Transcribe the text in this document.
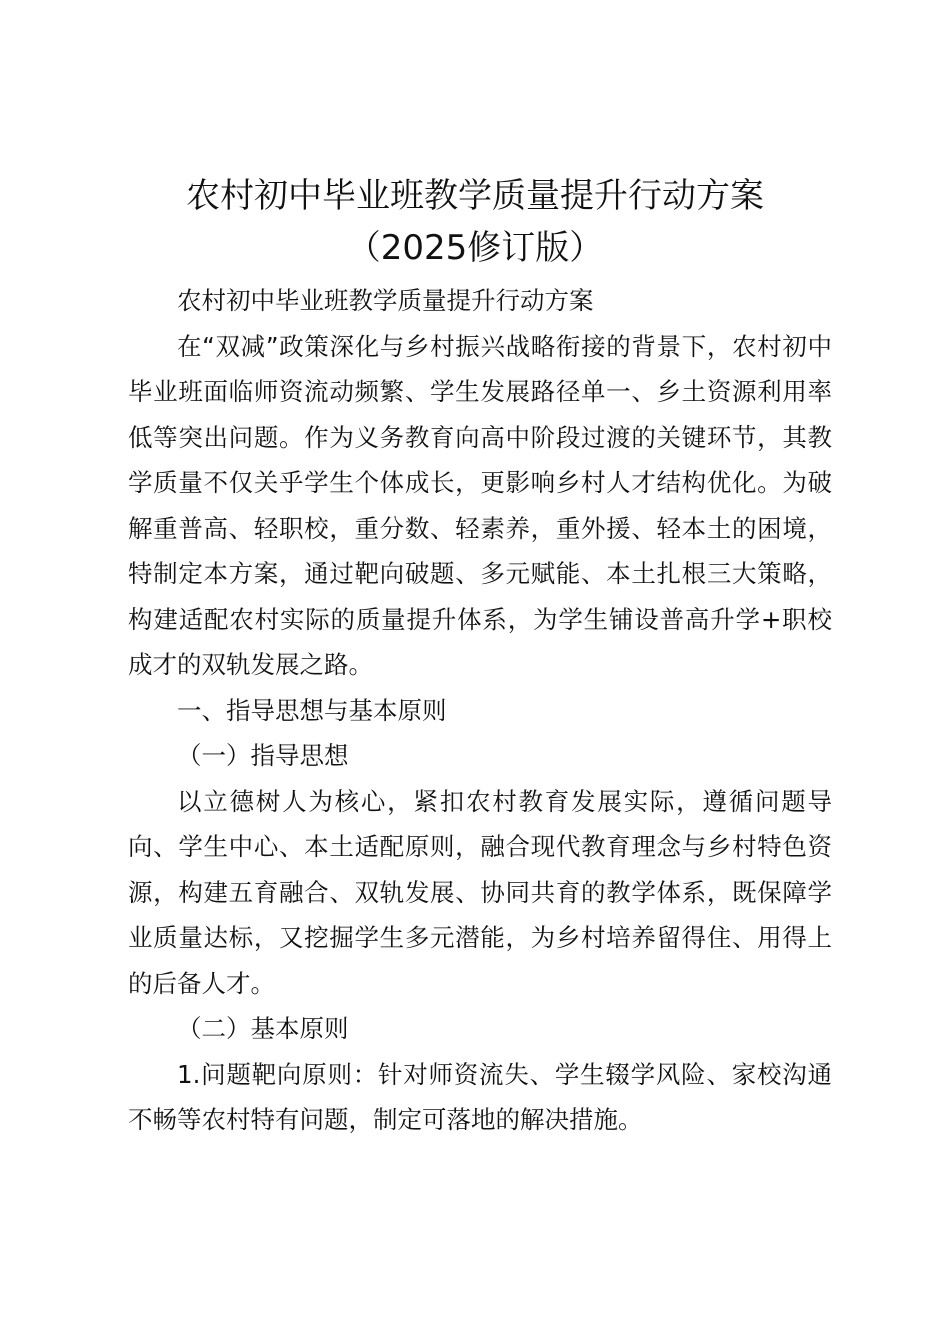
农村初中毕业班教学质量提升行动方案
（2025修订版）

农村初中毕业班教学质量提升行动方案

在“双减”政策深化与乡村振兴战略衔接的背景下，农村初中毕业班面临师资流动频繁、学生发展路径单一、乡土资源利用率低等突出问题。作为义务教育向高中阶段过渡的关键环节，其教学质量不仅关乎学生个体成长，更影响乡村人才结构优化。为破解重普高、轻职校，重分数、轻素养，重外援、轻本土的困境，特制定本方案，通过靶向破题、多元赋能、本土扎根三大策略，构建适配农村实际的质量提升体系，为学生铺设普高升学+职校成才的双轨发展之路。

一、指导思想与基本原则

（一）指导思想

以立德树人为核心，紧扣农村教育发展实际，遵循问题导向、学生中心、本土适配原则，融合现代教育理念与乡村特色资源，构建五育融合、双轨发展、协同共育的教学体系，既保障学业质量达标，又挖掘学生多元潜能，为乡村培养留得住、用得上的后备人才。

（二）基本原则

1.问题靶向原则：针对师资流失、学生辍学风险、家校沟通不畅等农村特有问题，制定可落地的解决措施。
